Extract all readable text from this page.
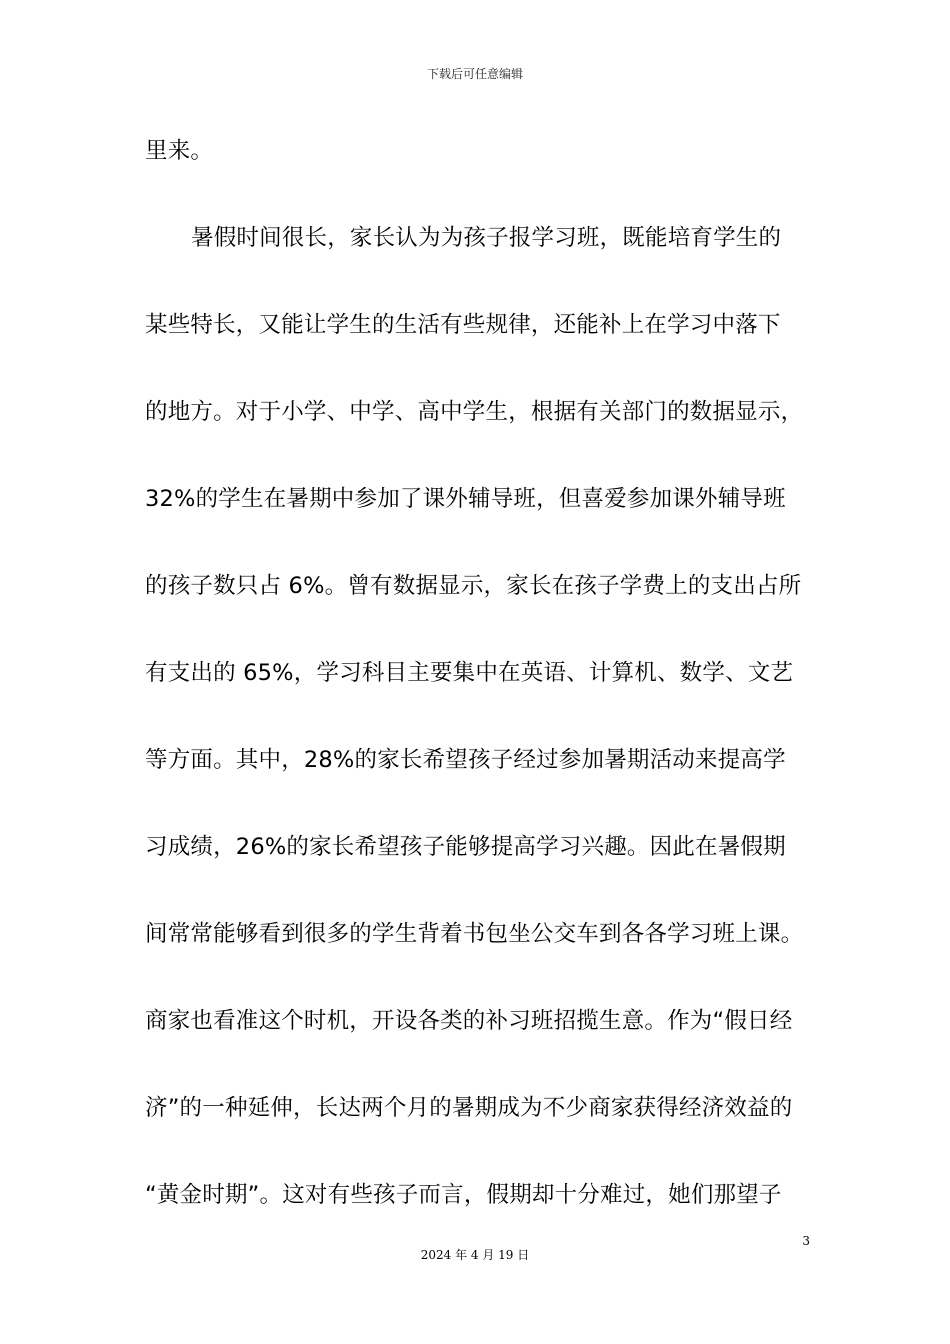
下载后可任意编辑
里来。
暑假时间很长，家长认为为孩子报学习班，既能培育学生的
某些特长，又能让学生的生活有些规律，还能补上在学习中落下
的地方。对于小学、中学、高中学生，根据有关部门的数据显示，
32%的学生在暑期中参加了课外辅导班，但喜爱参加课外辅导班
的孩子数只占 6%。曾有数据显示，家长在孩子学费上的支出占所
有支出的 65%，学习科目主要集中在英语、计算机、数学、文艺
等方面。其中，28%的家长希望孩子经过参加暑期活动来提高学
习成绩，26%的家长希望孩子能够提高学习兴趣。因此在暑假期
间常常能够看到很多的学生背着书包坐公交车到各各学习班上课。
商家也看准这个时机，开设各类的补习班招揽生意。作为“假日经
济”的一种延伸，长达两个月的暑期成为不少商家获得经济效益的
“黄金时期”。这对有些孩子而言，假期却十分难过，她们那望子
3
2024 年 4 月 19 日
